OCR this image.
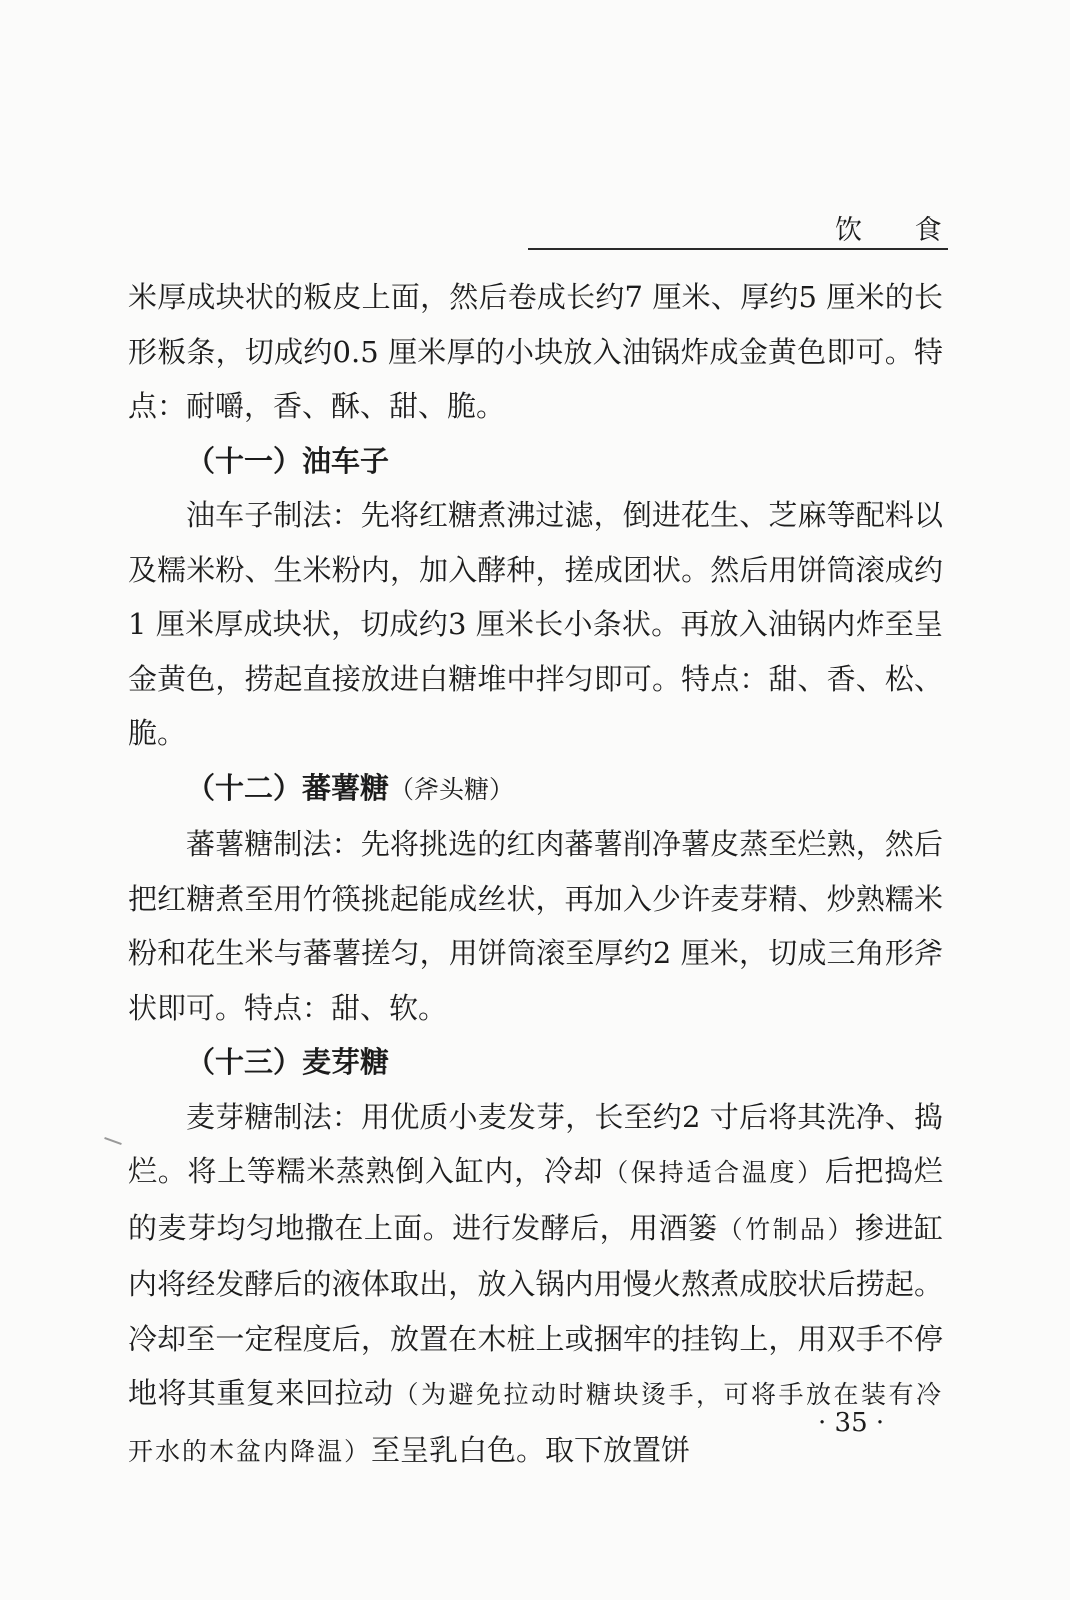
饮 食

米厚成块状的粄皮上面，然后卷成长约7 厘米、厚约5 厘米的长形粄条，切成约0.5 厘米厚的小块放入油锅炸成金黄色即可。特点：耐嚼，香、酥、甜、脆。

（十一）油车子

油车子制法：先将红糖煮沸过滤，倒进花生、芝麻等配料以及糯米粉、生米粉内，加入酵种，搓成团状。然后用饼筒滚成约1 厘米厚成块状，切成约3 厘米长小条状。再放入油锅内炸至呈金黄色，捞起直接放进白糖堆中拌匀即可。特点：甜、香、松、脆。

（十二）蕃薯糖（斧头糖）

蕃薯糖制法：先将挑选的红肉蕃薯削净薯皮蒸至烂熟，然后把红糖煮至用竹筷挑起能成丝状，再加入少许麦芽精、炒熟糯米粉和花生米与蕃薯搓匀，用饼筒滚至厚约2 厘米，切成三角形斧状即可。特点：甜、软。

（十三）麦芽糖

麦芽糖制法：用优质小麦发芽，长至约2 寸后将其洗净、捣烂。将上等糯米蒸熟倒入缸内，冷却（保持适合温度）后把捣烂的麦芽均匀地撒在上面。进行发酵后，用酒篓（竹制品）掺进缸内将经发酵后的液体取出，放入锅内用慢火熬煮成胶状后捞起。冷却至一定程度后，放置在木桩上或捆牢的挂钩上，用双手不停地将其重复来回拉动（为避免拉动时糖块烫手，可将手放在装有冷开水的木盆内降温）至呈乳白色。取下放置饼

· 35 ·
